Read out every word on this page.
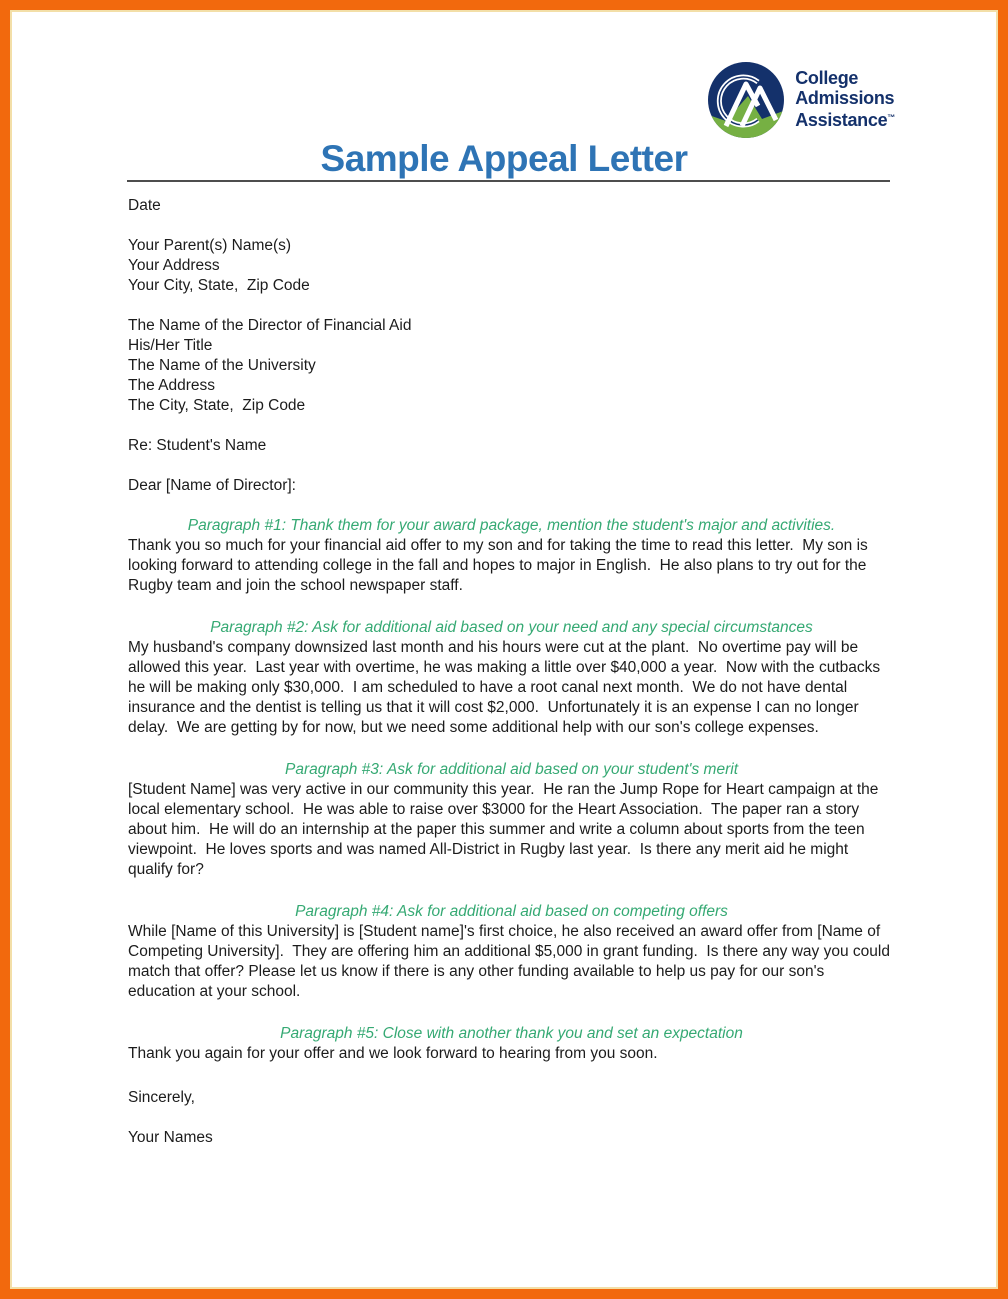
College
Admissions
Assistance™
Sample Appeal Letter

Date

Your Parent(s) Name(s)

Your Address

Your City, State,  Zip Code

The Name of the Director of Financial Aid

His/Her Title

The Name of the University

The Address

The City, State,  Zip Code

Re: Student's Name

Dear [Name of Director]:

Paragraph #1: Thank them for your award package, mention the student's major and activities.

Thank you so much for your financial aid offer to my son and for taking the time to read this letter.  My son is looking forward to attending college in the fall and hopes to major in English.  He also plans to try out for the Rugby team and join the school newspaper staff.

Paragraph #2: Ask for additional aid based on your need and any special circumstances

My husband's company downsized last month and his hours were cut at the plant.  No overtime pay will be allowed this year.  Last year with overtime, he was making a little over $40,000 a year.  Now with the cutbacks he will be making only $30,000.  I am scheduled to have a root canal next month.  We do not have dental insurance and the dentist is telling us that it will cost $2,000.  Unfortunately it is an expense I can no longer delay.  We are getting by for now, but we need some additional help with our son's college expenses.

Paragraph #3: Ask for additional aid based on your student's merit

[Student Name] was very active in our community this year.  He ran the Jump Rope for Heart campaign at the local elementary school.  He was able to raise over $3000 for the Heart Association.  The paper ran a story about him.  He will do an internship at the paper this summer and write a column about sports from the teen viewpoint.  He loves sports and was named All-District in Rugby last year.  Is there any merit aid he might qualify for?

Paragraph #4: Ask for additional aid based on competing offers

While [Name of this University] is [Student name]'s first choice, he also received an award offer from [Name of Competing University].  They are offering him an additional $5,000 in grant funding.  Is there any way you could match that offer? Please let us know if there is any other funding available to help us pay for our son's education at your school.

Paragraph #5: Close with another thank you and set an expectation

Thank you again for your offer and we look forward to hearing from you soon.

Sincerely,

Your Names
